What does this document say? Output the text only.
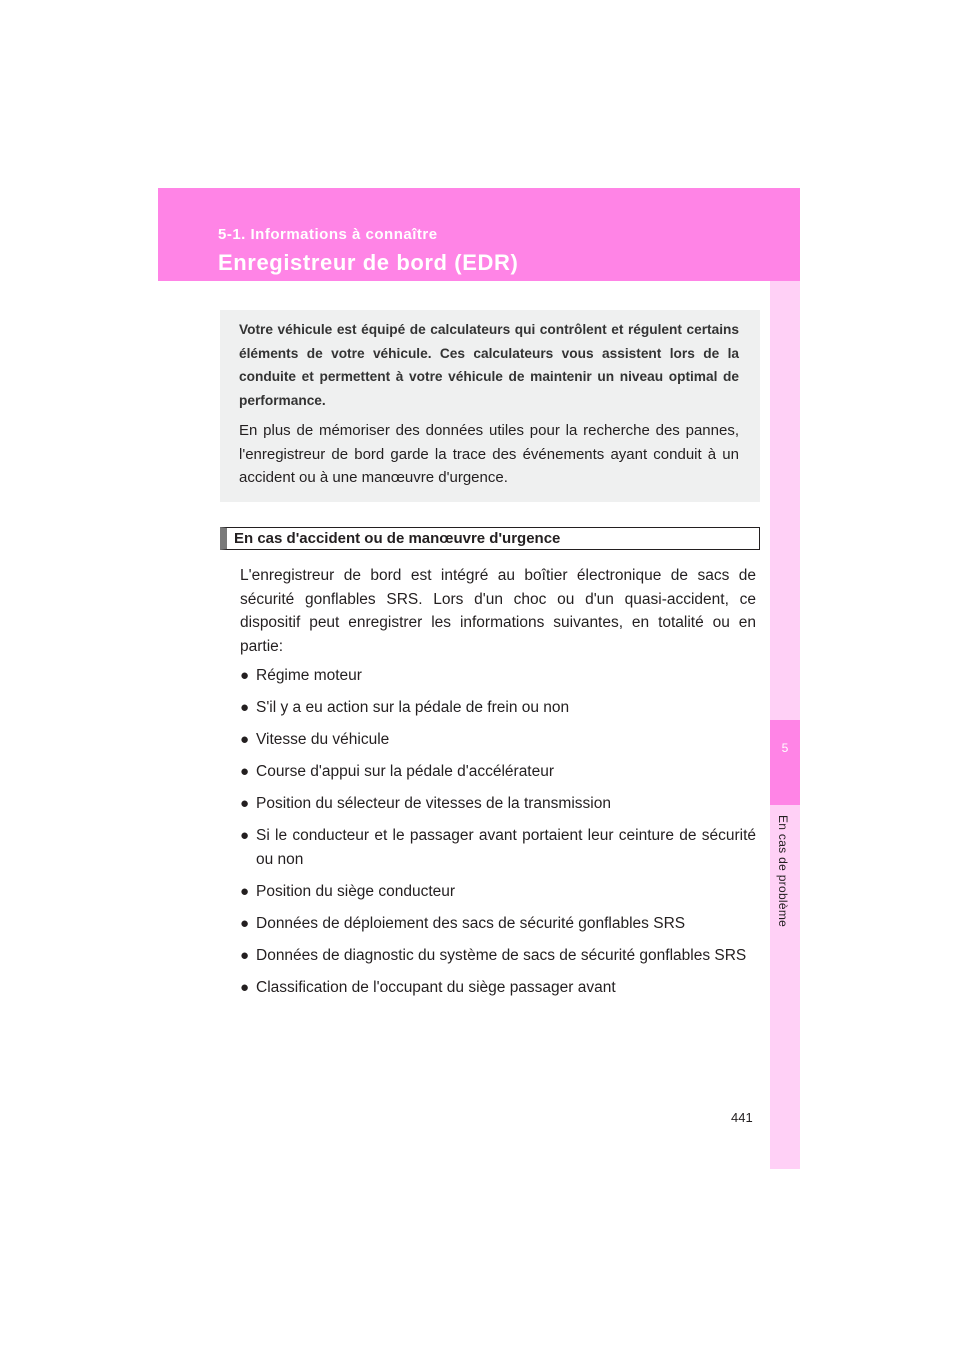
5-1. Informations à connaître
Enregistreur de bord (EDR)
5
En cas de problème

Votre véhicule est équipé de calculateurs qui contrôlent et régulent certains éléments de votre véhicule. Ces calculateurs vous assistent lors de la conduite et permettent à votre véhicule de maintenir un niveau optimal de performance.

En plus de mémoriser des données utiles pour la recherche des pannes, l'enregistreur de bord garde la trace des événements ayant conduit à un accident ou à une manœuvre d'urgence.

En cas d'accident ou de manœuvre d'urgence

L'enregistreur de bord est intégré au boîtier électronique de sacs de sécurité gonflables SRS. Lors d'un choc ou d'un quasi-accident, ce dispositif peut enregistrer les informations suivantes, en totalité ou en partie:

● Régime moteur
● S'il y a eu action sur la pédale de frein ou non
● Vitesse du véhicule
● Course d'appui sur la pédale d'accélérateur
● Position du sélecteur de vitesses de la transmission
● Si le conducteur et le passager avant portaient leur ceinture de sécurité ou non
● Position du siège conducteur
● Données de déploiement des sacs de sécurité gonflables SRS
● Données de diagnostic du système de sacs de sécurité gonflables SRS
● Classification de l'occupant du siège passager avant
441
